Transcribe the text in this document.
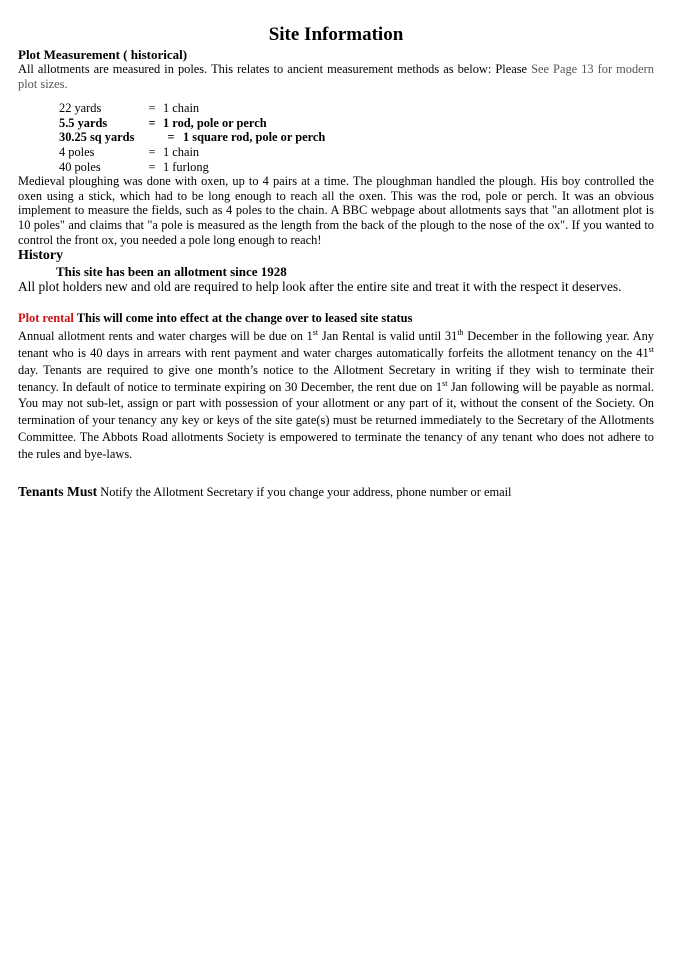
Site Information
Plot Measurement ( historical)

All allotments are measured in poles. This relates to ancient measurement methods as below: Please See Page 13 for modern plot sizes.

22 yards	= 1 chain
5.5 yards	= 1 rod, pole or perch
30.25 sq yards	= 1 square rod, pole or perch
4 poles	= 1 chain
40 poles	= 1 furlong

Medieval ploughing was done with oxen, up to 4 pairs at a time. The ploughman handled the plough. His boy controlled the oxen using a stick, which had to be long enough to reach all the oxen. This was the rod, pole or perch. It was an obvious implement to measure the fields, such as 4 poles to the chain. A BBC webpage about allotments says that "an allotment plot is 10 poles" and claims that "a pole is measured as the length from the back of the plough to the nose of the ox". If you wanted to control the front ox, you needed a pole long enough to reach!

History
This site has been an allotment since 1928

All plot holders new and old are required to help look after the entire site and treat it with the respect it deserves.

Plot rental This will come into effect at the change over to leased site status

Annual allotment rents and water charges will be due on 1st Jan Rental is valid until 31th December in the following year. Any tenant who is 40 days in arrears with rent payment and water charges automatically forfeits the allotment tenancy on the 41st day. Tenants are required to give one month’s notice to the Allotment Secretary in writing if they wish to terminate their tenancy. In default of notice to terminate expiring on 30 December, the rent due on 1st Jan following will be payable as normal. You may not sub-let, assign or part with possession of your allotment or any part of it, without the consent of the Society. On termination of your tenancy any key or keys of the site gate(s) must be returned immediately to the Secretary of the Allotments Committee. The Abbots Road allotments Society is empowered to terminate the tenancy of any tenant who does not adhere to the rules and bye-laws.

Tenants Must Notify the Allotment Secretary if you change your address, phone number or email
